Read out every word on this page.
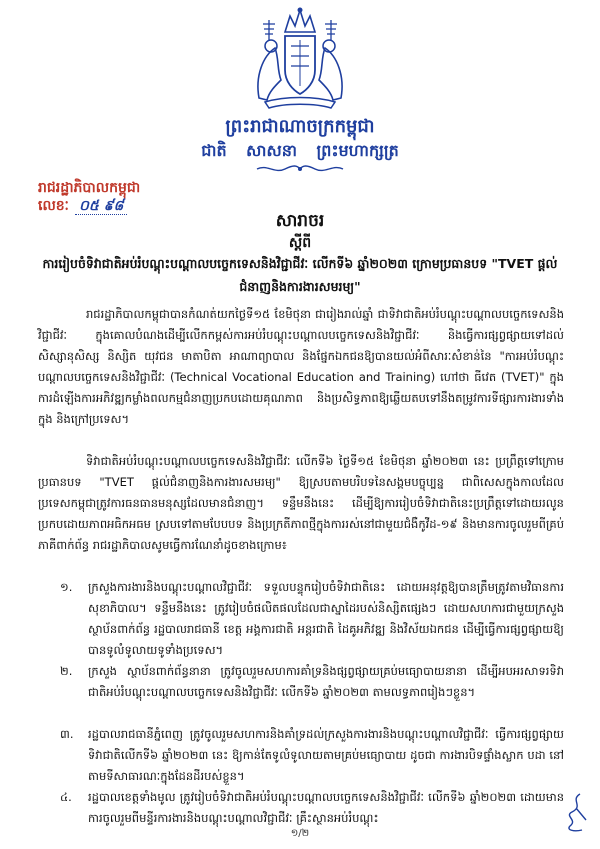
ព្រះរាជាណាចក្រកម្ពុជា
ជាតិ សាសនា ព្រះមហាក្សត្រ
រាជរដ្ឋាភិបាលកម្ពុជា
លេខៈ ០៥ ៩៨
សារាចរ
ស្តីពី
ការរៀបចំទិវាជាតិអប់រំបណ្តុះបណ្តាលបច្ចេកទេសនិងវិជ្ជាជីវៈ លើកទី៦ ឆ្នាំ២០២៣ ក្រោមប្រធានបទ "TVET ផ្តល់ជំនាញនិងការងារសមរម្យ"
រាជរដ្ឋាភិបាលកម្ពុជាបានកំណត់យកថ្ងៃទី១៥ ខែមិថុនា ជារៀងរាល់ឆ្នាំ ជាទិវាជាតិអប់រំបណ្តុះបណ្តាលបច្ចេកទេសនិងវិជ្ជាជីវៈ ក្នុងគោលបំណងដើម្បីលើកកម្ពស់ការអប់រំបណ្តុះបណ្តាលបច្ចេកទេសនិងវិជ្ជាជីវៈ និងធ្វើការផ្សព្វផ្សាយទៅដល់សិស្សានុសិស្ស និស្សិត យុវជន មាតាបិតា អាណាព្យាបាល និងផ្នែកឯកជនឱ្យបានយល់អំពីសារៈសំខាន់នៃ "ការអប់រំបណ្តុះបណ្តាលបច្ចេកទេសនិងវិជ្ជាជីវៈ (Technical Vocational Education and Training) ហៅថា ធីវេត (TVET)" ក្នុងការដំឡើងការអភិវឌ្ឍកម្លាំងពលកម្មជំនាញប្រកបដោយគុណភាព និងប្រសិទ្ធភាពឱ្យឆ្លើយតបទៅនឹងតម្រូវការទីផ្សារការងារទាំងក្នុង និងក្រៅប្រទេស។
ទិវាជាតិអប់រំបណ្តុះបណ្តាលបច្ចេកទេសនិងវិជ្ជាជីវៈ លើកទី៦ ថ្ងៃទី១៥ ខែមិថុនា ឆ្នាំ២០២៣ នេះ ប្រព្រឹត្តទៅក្រោមប្រធានបទ "TVET ផ្តល់ជំនាញនិងការងារសមរម្យ" ឱ្យស្របតាមបរិបទនៃសង្គមបច្ចុប្បន្ន ជាពិសេសក្នុងកាលដែលប្រទេសកម្ពុជាត្រូវការធនធានមនុស្សដែលមានជំនាញ។ ទន្ទឹមនឹងនេះ ដើម្បីឱ្យការរៀបចំទិវាជាតិនេះប្រព្រឹត្តទៅដោយរលូនប្រកបដោយភាពអធិកអធម ស្របទៅតាមបែបបទ និងប្រក្រតីភាពថ្មីក្នុងការរស់នៅជាមួយជំងឺកូវីដ-១៩ និងមានការចូលរួមពីគ្រប់ភាគីពាក់ព័ន្ធ រាជរដ្ឋាភិបាលសូមធ្វើការណែនាំដូចខាងក្រោម៖
១.	ក្រសួងការងារនិងបណ្តុះបណ្តាលវិជ្ជាជីវៈ ទទួលបន្ទុករៀបចំទិវាជាតិនេះ ដោយអនុវត្តឱ្យបានត្រឹមត្រូវតាមវិធានការសុខាភិបាល។ ទន្ទឹមនឹងនេះ ត្រូវរៀបចំផលិតផលដែលជាស្នាដៃរបស់និស្សិតផ្សេងៗ ដោយសហការជាមួយក្រសួង ស្ថាប័នពាក់ព័ន្ធ រដ្ឋបាលរាជធានី ខេត្ត អង្គការជាតិ អន្តរជាតិ ដៃគូអភិវឌ្ឍ និងវិស័យឯកជន ដើម្បីធ្វើការផ្សព្វផ្សាយឱ្យបានទូលំទូលាយទូទាំងប្រទេស។
២.	ក្រសួង ស្ថាប័នពាក់ព័ន្ធនានា ត្រូវចូលរួមសហការគាំទ្រនិងផ្សព្វផ្សាយគ្រប់មធ្យោបាយនានា ដើម្បីអបអរសាទរទិវាជាតិអប់រំបណ្តុះបណ្តាលបច្ចេកទេសនិងវិជ្ជាជីវៈ លើកទី៦ ឆ្នាំ២០២៣ តាមលទ្ធភាពរៀងៗខ្លួន។
៣.	រដ្ឋបាលរាជធានីភ្នំពេញ ត្រូវចូលរួមសហការនិងគាំទ្រដល់ក្រសួងការងារនិងបណ្តុះបណ្តាលវិជ្ជាជីវៈ ធ្វើការផ្សព្វផ្សាយទិវាជាតិលើកទី៦ ឆ្នាំ២០២៣ នេះ ឱ្យកាន់តែទូលំទូលាយតាមគ្រប់មធ្យោបាយ ដូចជា ការងារបិទផ្ទាំងស្លាក បដា នៅតាមទីសាធារណៈក្នុងដែនដីរបស់ខ្លួន។
៤.	រដ្ឋបាលខេត្តទាំងមូល ត្រូវរៀបចំទិវាជាតិអប់រំបណ្តុះបណ្តាលបច្ចេកទេសនិងវិជ្ជាជីវៈ លើកទី៦ ឆ្នាំ២០២៣ ដោយមានការចូលរួមពីមន្ទីរការងារនិងបណ្តុះបណ្តាលវិជ្ជាជីវៈ គ្រឹះស្ថានអប់រំបណ្តុះ
១/២
